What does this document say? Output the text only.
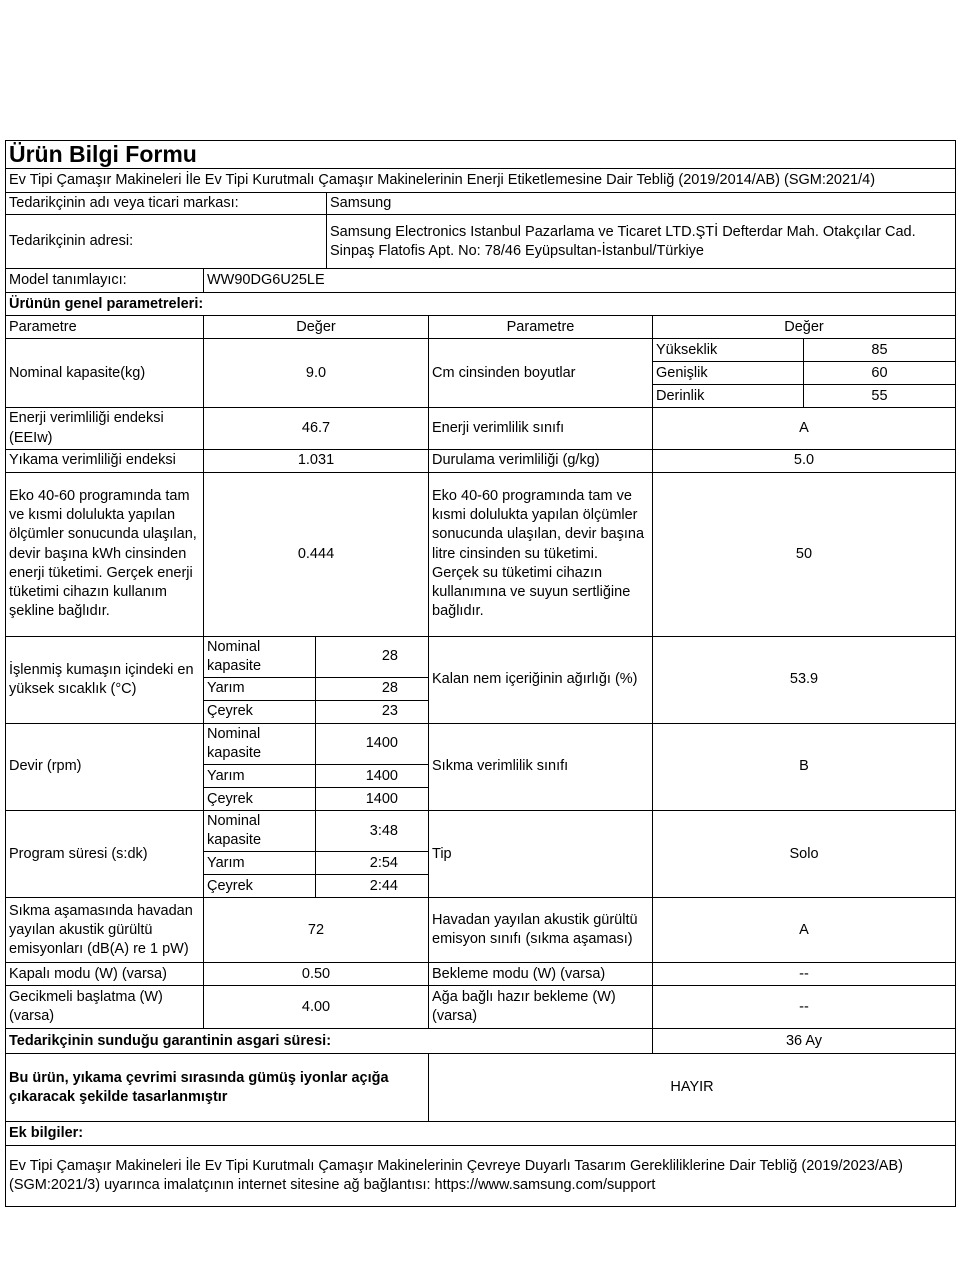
Ürün Bilgi Formu
Ev Tipi Çamaşır Makineleri İle Ev Tipi Kurutmalı Çamaşır Makinelerinin Enerji Etiketlemesine Dair Tebliğ (2019/2014/AB) (SGM:2021/4)
Tedarikçinin adı veya ticari markası:	Samsung
Tedarikçinin adresi:	Samsung Electronics Istanbul Pazarlama ve Ticaret LTD.ŞTİ Defterdar Mah. Otakçılar Cad. Sinpaş Flatofis Apt. No: 78/46 Eyüpsultan-İstanbul/Türkiye
Model tanımlayıcı:	WW90DG6U25LE
Ürünün genel parametreleri:
Parametre	Değer		Parametre	Değer	
Nominal kapasite(kg)	9.0		Cm cinsinden boyutlar	Yükseklik	85
				Genişlik	60
				Derinlik	55
Enerji verimliliği endeksi (EEIw)	46.7		Enerji verimlilik sınıfı	A	
Yıkama verimliliği endeksi	1.031		Durulama verimliliği (g/kg)	5.0	
Eko 40-60 programında tam ve kısmi dolulukta yapılan ölçümler sonucunda ulaşılan, devir başına kWh cinsinden enerji tüketimi. Gerçek enerji tüketimi cihazın kullanım şekline bağlıdır.	0.444		Eko 40-60 programında tam ve kısmi dolulukta yapılan ölçümler sonucunda ulaşılan, devir başına litre cinsinden su tüketimi. Gerçek su tüketimi cihazın kullanımına ve suyun sertliğine bağlıdır.	50	
İşlenmiş kumaşın içindeki en yüksek sıcaklık (°C)	Nominal kapasite	28	Kalan nem içeriğinin ağırlığı (%)	53.9	
	Yarım	28			
	Çeyrek	23			
Devir (rpm)	Nominal kapasite	1400	Sıkma verimlilik sınıfı	B	
	Yarım	1400			
	Çeyrek	1400			
Program süresi (s:dk)	Nominal kapasite	3:48	Tip	Solo	
	Yarım	2:54			
	Çeyrek	2:44			
Sıkma aşamasında havadan yayılan akustik gürültü emisyonları (dB(A) re 1 pW)	72		Havadan yayılan akustik gürültü emisyon sınıfı (sıkma aşaması)	A	
Kapalı modu (W) (varsa)	0.50		Bekleme modu (W) (varsa)	--	
Gecikmeli başlatma (W) (varsa)	4.00		Ağa bağlı hazır bekleme (W) (varsa)	--	
Tedarikçinin sunduğu garantinin asgari süresi:				36 Ay	
Bu ürün, yıkama çevrimi sırasında gümüş iyonlar açığa çıkaracak şekilde tasarlanmıştır			HAYIR		
Ek bilgiler:
Ev Tipi Çamaşır Makineleri İle Ev Tipi Kurutmalı Çamaşır Makinelerinin Çevreye Duyarlı Tasarım Gerekliliklerine Dair Tebliğ (2019/2023/AB) (SGM:2021/3) uyarınca imalatçının internet sitesine ağ bağlantısı: https://www.samsung.com/support
